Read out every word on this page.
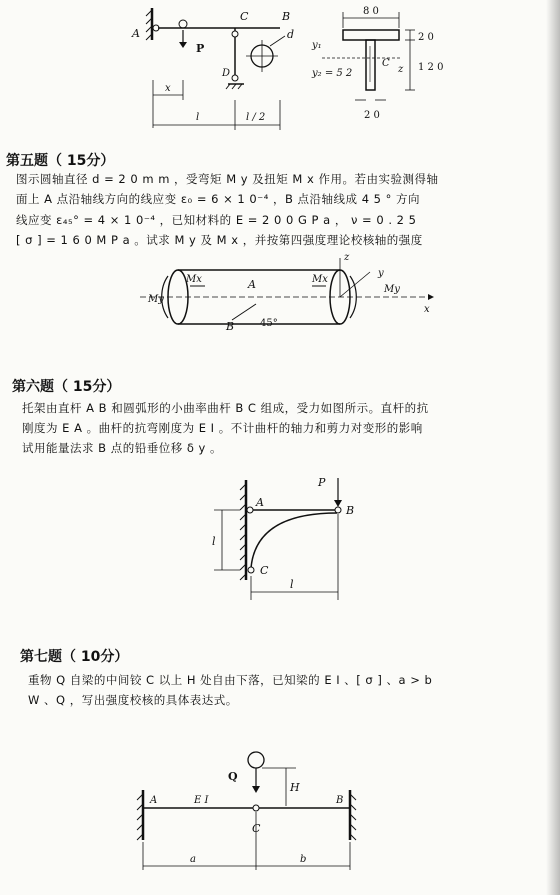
A
C	B
P
D
d
x
l	l / 2
8 0
y₁
y₂ = 5 2
C
z
2 0
1 2 0
2 0
第五题（ 15分）
图示圆轴直径 d = 2 0 m m ，受弯矩 M y 及扭矩 M x 作用。若由实验测得轴
面上 A 点沿轴线方向的线应变 ε₀ = 6 × 1 0⁻⁴ ，B 点沿轴线成 4 5 ° 方向
线应变 ε₄₅° = 4 × 1 0⁻⁴ ，已知材料的 E = 2 0 0 G P a ， ν = 0 . 2 5
[ σ ] = 1 6 0 M P a 。试求 M y 及 M x ，并按第四强度理论校核轴的强度
My
Mx	A	Mx
My
B	45°
z
y
x
第六题（ 15分）
托架由直杆 A B 和圆弧形的小曲率曲杆 B C 组成，受力如图所示。直杆的抗
刚度为 E A 。曲杆的抗弯刚度为 E I 。不计曲杆的轴力和剪力对变形的影响
试用能量法求 B 点的铅垂位移 δ y 。
A
B
P
C
l
l
第七题（ 10分）
重物 Q 自梁的中间铰 C 以上 H 处自由下落，已知梁的 E I 、[ σ ] 、a > b
W 、Q ，写出强度校核的具体表达式。
Q
H
A	E I	B
C
a	b
